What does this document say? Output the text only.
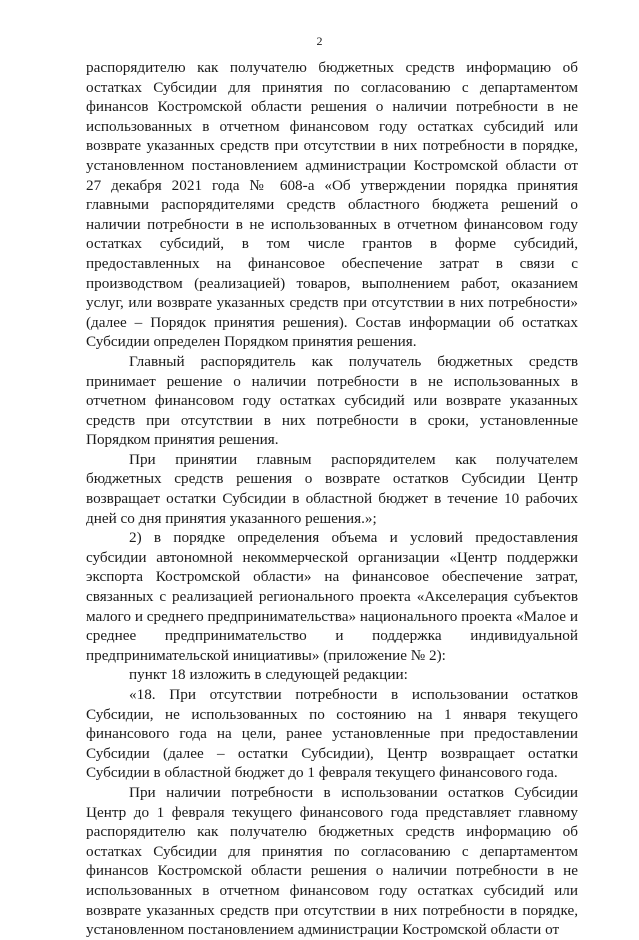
2

распорядителю как получателю бюджетных средств информацию об остатках Субсидии для принятия по согласованию с департаментом финансов Костромской области решения о наличии потребности в не использованных в отчетном финансовом году остатках субсидий или возврате указанных средств при отсутствии в них потребности в порядке, установленном постановлением администрации Костромской области от 27 декабря 2021 года № 608-а «Об утверждении порядка принятия главными распорядителями средств областного бюджета решений о наличии потребности в не использованных в отчетном финансовом году остатках субсидий, в том числе грантов в форме субсидий, предоставленных на финансовое обеспечение затрат в связи с производством (реализацией) товаров, выполнением работ, оказанием услуг, или возврате указанных средств при отсутствии в них потребности» (далее – Порядок принятия решения). Состав информации об остатках Субсидии определен Порядком принятия решения.

Главный распорядитель как получатель бюджетных средств принимает решение о наличии потребности в не использованных в отчетном финансовом году остатках субсидий или возврате указанных средств при отсутствии в них потребности в сроки, установленные Порядком принятия решения.

При принятии главным распорядителем как получателем бюджетных средств решения о возврате остатков Субсидии Центр возвращает остатки Субсидии в областной бюджет в течение 10 рабочих дней со дня принятия указанного решения.»;

2) в порядке определения объема и условий предоставления субсидии автономной некоммерческой организации «Центр поддержки экспорта Костромской области» на финансовое обеспечение затрат, связанных с реализацией регионального проекта «Акселерация субъектов малого и среднего предпринимательства» национального проекта «Малое и среднее предпринимательство и поддержка индивидуальной предпринимательской инициативы» (приложение № 2):

пункт 18 изложить в следующей редакции:

«18. При отсутствии потребности в использовании остатков Субсидии, не использованных по состоянию на 1 января текущего финансового года на цели, ранее установленные при предоставлении Субсидии (далее – остатки Субсидии), Центр возвращает остатки Субсидии в областной бюджет до 1 февраля текущего финансового года.

При наличии потребности в использовании остатков Субсидии Центр до 1 февраля текущего финансового года представляет главному распорядителю как получателю бюджетных средств информацию об остатках Субсидии для принятия по согласованию с департаментом финансов Костромской области решения о наличии потребности в не использованных в отчетном финансовом году остатках субсидий или возврате указанных средств при отсутствии в них потребности в порядке, установленном постановлением администрации Костромской области от
